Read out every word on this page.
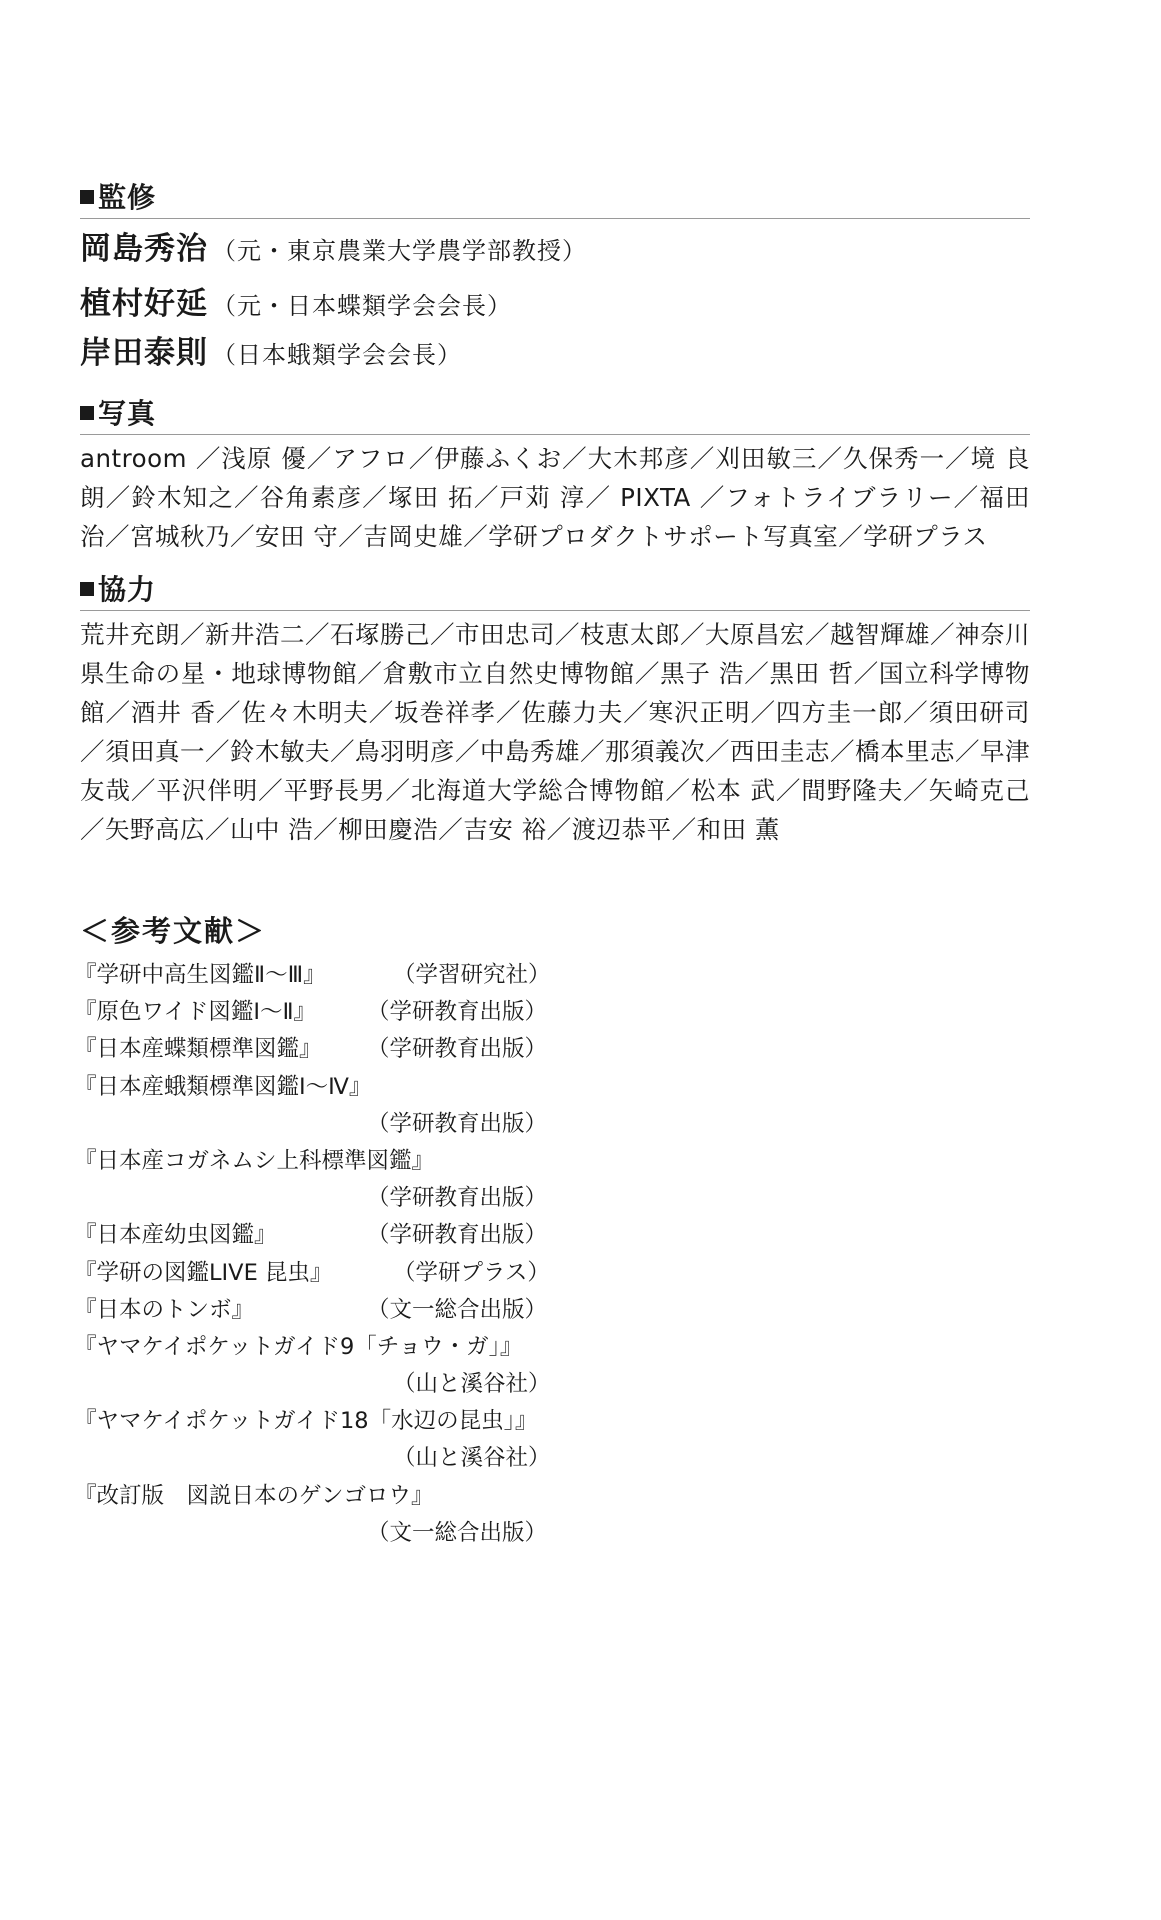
監修
岡島秀治 （元・東京農業大学農学部教授）
植村好延 （元・日本蝶類学会会長）
岸田泰則 （日本蛾類学会会長）
写真
antroom ／浅原 優／アフロ／伊藤ふくお／大木邦彦／刈田敏三／久保秀一／境 良朗／鈴木知之／谷角素彦／塚田 拓／戸苅 淳／ PIXTA ／フォトライブラリー／福田 治／宮城秋乃／安田 守／吉岡史雄／学研プロダクトサポート写真室／学研プラス
協力
荒井充朗／新井浩二／石塚勝己／市田忠司／枝恵太郎／大原昌宏／越智輝雄／神奈川県生命の星・地球博物館／倉敷市立自然史博物館／黒子 浩／黒田 哲／国立科学博物館／酒井 香／佐々木明夫／坂巻祥孝／佐藤力夫／寒沢正明／四方圭一郎／須田研司／須田真一／鈴木敏夫／鳥羽明彦／中島秀雄／那須義次／西田圭志／橋本里志／早津友哉／平沢伴明／平野長男／北海道大学総合博物館／松本 武／間野隆夫／矢崎克己／矢野高広／山中 浩／柳田慶浩／吉安 裕／渡辺恭平／和田 薫
＜参考文献＞
『学研中高生図鑑Ⅱ～Ⅲ』	（学習研究社）
『原色ワイド図鑑Ⅰ～Ⅱ』 （学研教育出版）
『日本産蝶類標準図鑑』 （学研教育出版）
『日本産蛾類標準図鑑Ⅰ～Ⅳ』
（学研教育出版）
『日本産コガネムシ上科標準図鑑』
（学研教育出版）
『日本産幼虫図鑑』	（学研教育出版）
『学研の図鑑LIVE 昆虫』	（学研プラス）
『日本のトンボ』	（文一総合出版）
『ヤマケイポケットガイド9「チョウ・ガ」』
（山と溪谷社）
『ヤマケイポケットガイド18「水辺の昆虫」』
（山と溪谷社）
『改訂版　図説日本のゲンゴロウ』
（文一総合出版）
